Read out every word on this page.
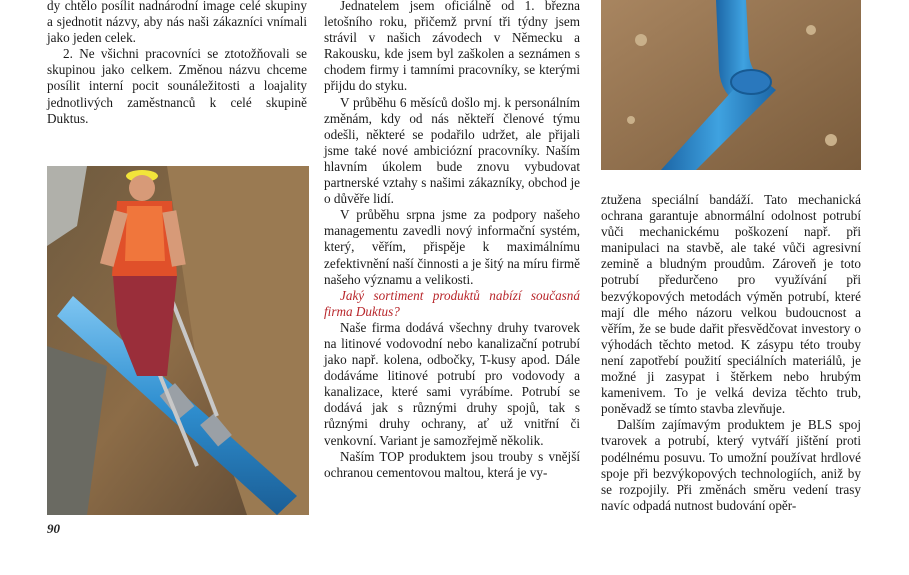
dy chtělo posílit nadnárodní image celé skupiny a sjednotit názvy, aby nás naši zákazníci vnímali jako jeden celek.

2. Ne všichni pracovníci se ztotožňovali se skupinou jako celkem. Změnou názvu chceme posílit interní pocit sounáležitosti a loajality jednotlivých zaměstnanců k celé skupině Duktus.

Jednatelem jsem oficiálně od 1. března letošního roku, přičemž první tři týdny jsem strávil v našich závodech v Německu a Rakousku, kde jsem byl zaškolen a seznámen s chodem firmy i tamními pracovníky, se kterými přijdu do styku.

V průběhu 6 měsíců došlo mj. k personálním změnám, kdy od nás někteří členové týmu odešli, některé se podařilo udržet, ale přijali jsme také nové ambiciózní pracovníky. Naším hlavním úkolem bude znovu vybudovat partnerské vztahy s našimi zákazníky, obchod je o důvěře lidí.

V průběhu srpna jsme za podpory našeho managementu zavedli nový informační systém, který, věřím, přispěje k maximálnímu zefektivnění naší činnosti a je šitý na míru firmě našeho významu a velikosti.

Jaký sortiment produktů nabízí současná firma Duktus?

Naše firma dodává všechny druhy tvarovek na litinové vodovodní nebo kanalizační potrubí jako např. kolena, odbočky, T-kusy apod. Dále dodáváme litinové potrubí pro vodovody a kanalizace, které sami vyrábíme. Potrubí se dodává jak s různými druhy spojů, tak s různými druhy ochrany, ať už vnitřní či venkovní. Variant je samozřejmě několik.

Naším TOP produktem jsou trouby s vnější ochranou cementovou maltou, která je vy-

ztužena speciální bandáží. Tato mechanická ochrana garantuje abnormální odolnost potrubí vůči mechanickému poškození např. při manipulaci na stavbě, ale také vůči agresivní zemině a bludným proudům. Zároveň je toto potrubí předurčeno pro využívání při bezvýkopových metodách výměn potrubí, které mají dle mého názoru velkou budoucnost a věřím, že se bude dařit přesvědčovat investory o výhodách těchto metod. K zásypu této trouby není zapotřebí použití speciálních materiálů, je možné ji zasypat i štěrkem nebo hrubým kamenivem. To je velká deviza těchto trub, poněvadž se tímto stavba zlevňuje.

Dalším zajímavým produktem je BLS spoj tvarovek a potrubí, který vytváří jištění proti podélnému posuvu. To umožní používat hrdlové spoje při bezvýkopových technologiích, aniž by se rozpojily. Při změnách směru vedení trasy navíc odpadá nutnost budování opěr-

90
